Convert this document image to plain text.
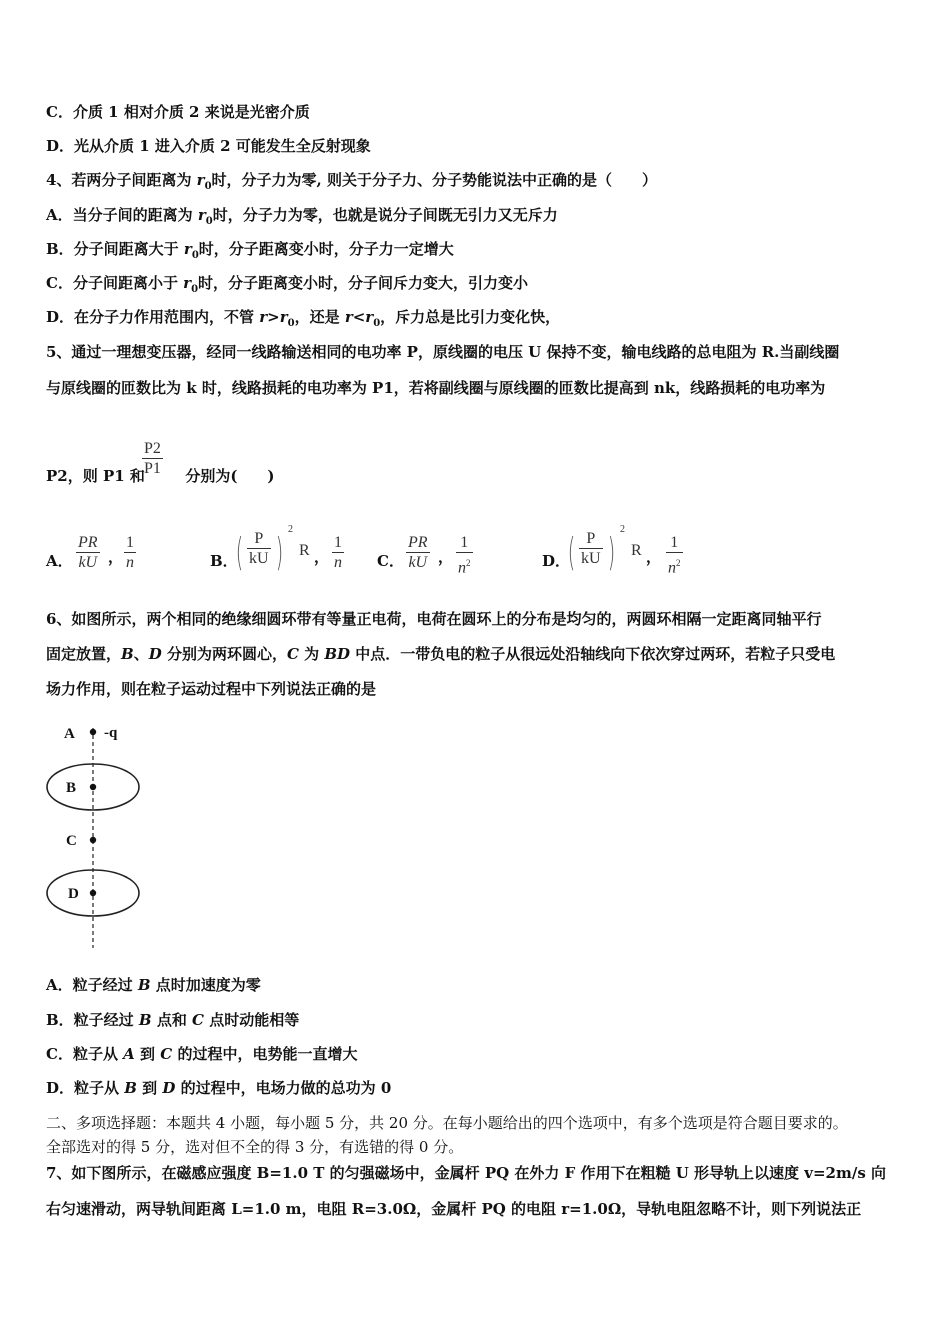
C．介质 1 相对介质 2 来说是光密介质
D．光从介质 1 进入介质 2 可能发生全反射现象
4、若两分子间距离为 $r_0$时，分子力为零, 则关于分子力、分子势能说法中正确的是（　　）
A．当分子间的距离为 $r_0$时，分子力为零，也就是说分子间既无引力又无斥力
B．分子间距离大于 $r_0$时，分子距离变小时，分子力一定增大
C．分子间距离小于 $r_0$时，分子距离变小时，分子间斥力变大，引力变小
D．在分子力作用范围内，不管 $r>r_0$，还是 $r<r_0$，斥力总是比引力变化快，
5、通过一理想变压器，经同一线路输送相同的电功率 P，原线圈的电压 U 保持不变，输电线路的总电阻为 R.当副线圈
与原线圈的匝数比为 k 时，线路损耗的电功率为 P1，若将副线圈与原线圈的匝数比提高到 nk，线路损耗的电功率为
P2，则 P1 和  分别为(　　)
P2
P1
A．
PR
kU ，
1
n	B．
( P
kU )
2
R ，
1
n C．
PR
kU ，
1
$n^2$	D．
( P
kU )
2
R ，
1
$n^2$
6、如图所示，两个相同的绝缘细圆环带有等量正电荷，电荷在圆环上的分布是均匀的，两圆环相隔一定距离同轴平行
固定放置，B、D 分别为两环圆心，C 为 BD 中点．一带负电的粒子从很远处沿轴线向下依次穿过两环，若粒子只受电
场力作用，则在粒子运动过程中下列说法正确的是
A -q
B
C
D
A．粒子经过 B 点时加速度为零
B．粒子经过 B 点和 C 点时动能相等
C．粒子从 A 到 C 的过程中，电势能一直增大
D．粒子从 B 到 D 的过程中，电场力做的总功为 0
二、多项选择题：本题共 4 小题，每小题 5 分，共 20 分。在每小题给出的四个选项中，有多个选项是符合题目要求的。
全部选对的得 5 分，选对但不全的得 3 分，有选错的得 0 分。
7、如下图所示，在磁感应强度 B=1.0 T 的匀强磁场中，金属杆 PQ 在外力 F 作用下在粗糙 U 形导轨上以速度 v=2m/s 向
右匀速滑动，两导轨间距离 L=1.0 m，电阻 R=3.0Ω，金属杆 PQ 的电阻 r=1.0Ω，导轨电阻忽略不计，则下列说法正
